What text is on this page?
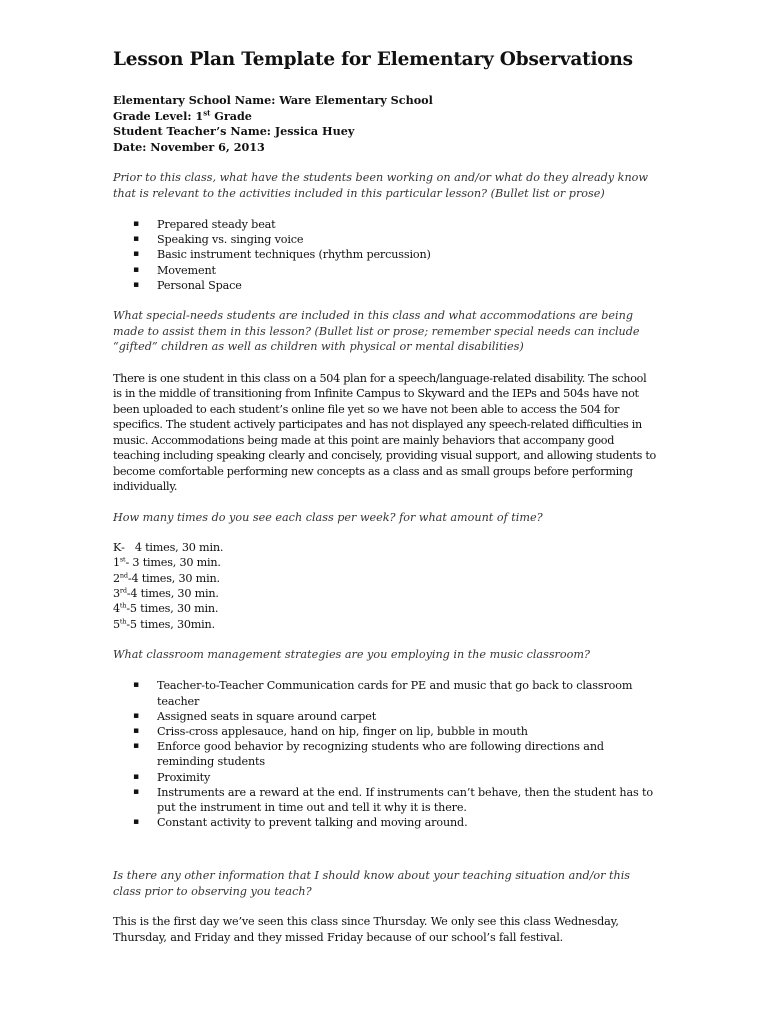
Lesson Plan Template for Elementary Observations
Elementary School Name: Ware Elementary School
Grade Level: 1st Grade
Student Teacher’s Name: Jessica Huey
Date: November 6, 2013

Prior to this class, what have the students been working on and/or what do they already know that is relevant to the activities included in this particular lesson? (Bullet list or prose)

▪ Prepared steady beat
▪ Speaking vs. singing voice
▪ Basic instrument techniques (rhythm percussion)
▪ Movement
▪ Personal Space

What special-needs students are included in this class and what accommodations are being made to assist them in this lesson? (Bullet list or prose; remember special needs can include “gifted” children as well as children with physical or mental disabilities)

There is one student in this class on a 504 plan for a speech/language-related disability. The school is in the middle of transitioning from Infinite Campus to Skyward and the IEPs and 504s have not been uploaded to each student’s online file yet so we have not been able to access the 504 for specifics. The student actively participates and has not displayed any speech-related difficulties in music. Accommodations being made at this point are mainly behaviors that accompany good teaching including speaking clearly and concisely, providing visual support, and allowing students to become comfortable performing new concepts as a class and as small groups before performing individually.

How many times do you see each class per week? for what amount of time?

K-   4 times, 30 min.
1st- 3 times, 30 min.
2nd-4 times, 30 min.
3rd-4 times, 30 min.
4th-5 times, 30 min.
5th-5 times, 30min.

What classroom management strategies are you employing in the music classroom?

▪ Teacher-to-Teacher Communication cards for PE and music that go back to classroom teacher
▪ Assigned seats in square around carpet
▪ Criss-cross applesauce, hand on hip, finger on lip, bubble in mouth
▪ Enforce good behavior by recognizing students who are following directions and reminding students
▪ Proximity
▪ Instruments are a reward at the end. If instruments can’t behave, then the student has to put the instrument in time out and tell it why it is there.
▪ Constant activity to prevent talking and moving around.

Is there any other information that I should know about your teaching situation and/or this class prior to observing you teach?

This is the first day we’ve seen this class since Thursday. We only see this class Wednesday, Thursday, and Friday and they missed Friday because of our school’s fall festival.
